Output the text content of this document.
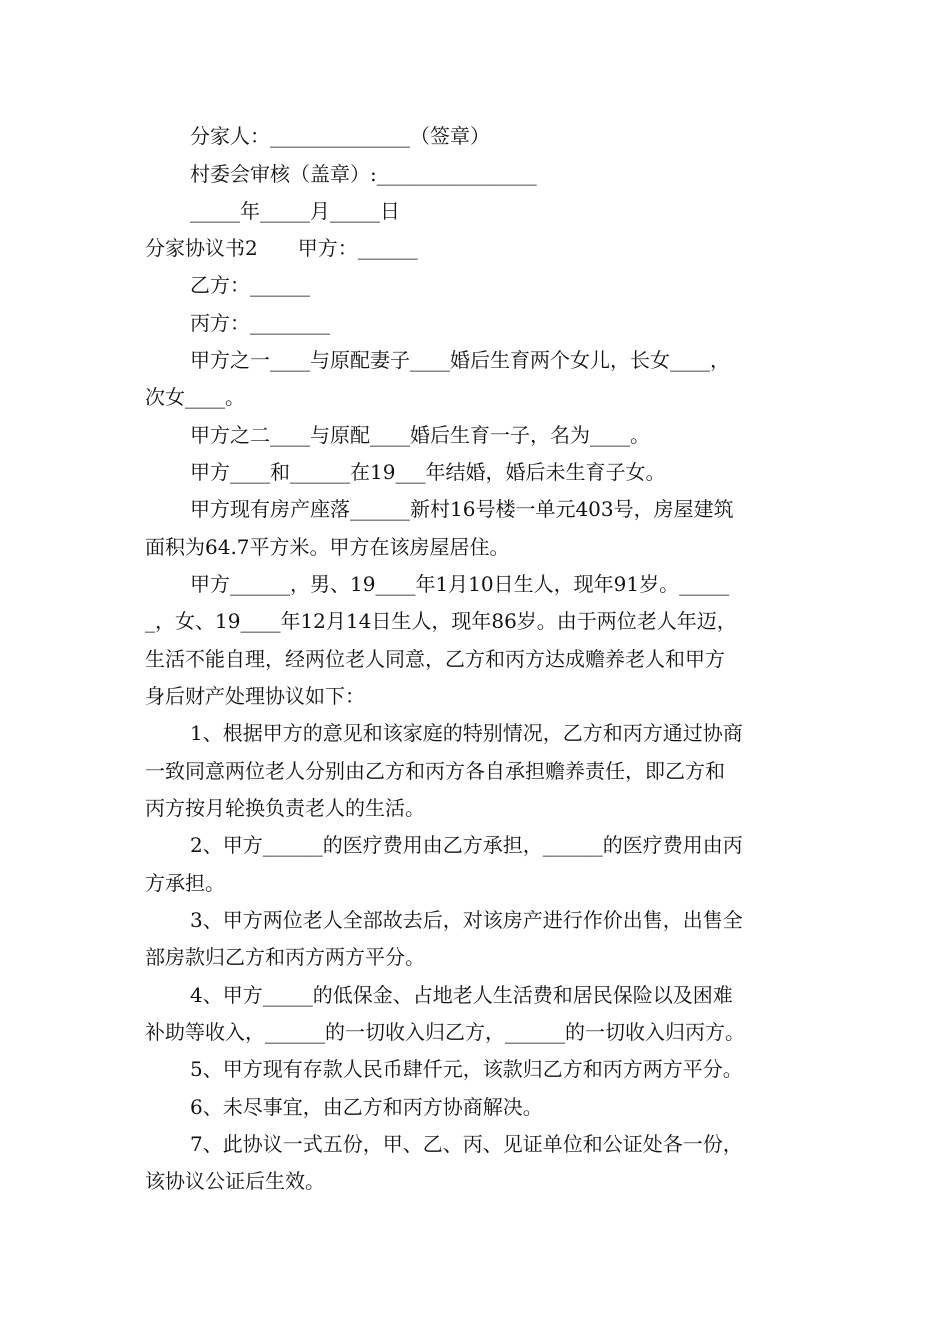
分家人：______________（签章）
村委会审核（盖章）:________________
_____年_____月_____日
分家协议书2　　甲方：______
乙方：______
丙方：________
甲方之一____与原配妻子____婚后生育两个女儿，长女____，
次女____。
甲方之二____与原配____婚后生育一子，名为____。
甲方____和______在19___年结婚，婚后未生育子女。
甲方现有房产座落______新村16号楼一单元403号，房屋建筑
面积为64.7平方米。甲方在该房屋居住。
甲方______，男、19____年1月10日生人，现年91岁。_____
_，女、19____年12月14日生人，现年86岁。由于两位老人年迈，
生活不能自理，经两位老人同意，乙方和丙方达成赡养老人和甲方
身后财产处理协议如下：
1、根据甲方的意见和该家庭的特别情况，乙方和丙方通过协商
一致同意两位老人分别由乙方和丙方各自承担赡养责任，即乙方和
丙方按月轮换负责老人的生活。
2、甲方______的医疗费用由乙方承担，______的医疗费用由丙
方承担。
3、甲方两位老人全部故去后，对该房产进行作价出售，出售全
部房款归乙方和丙方两方平分。
4、甲方_____的低保金、占地老人生活费和居民保险以及困难
补助等收入，______的一切收入归乙方，______的一切收入归丙方。
5、甲方现有存款人民币肆仟元，该款归乙方和丙方两方平分。
6、未尽事宜，由乙方和丙方协商解决。
7、此协议一式五份，甲、乙、丙、见证单位和公证处各一份，
该协议公证后生效。
